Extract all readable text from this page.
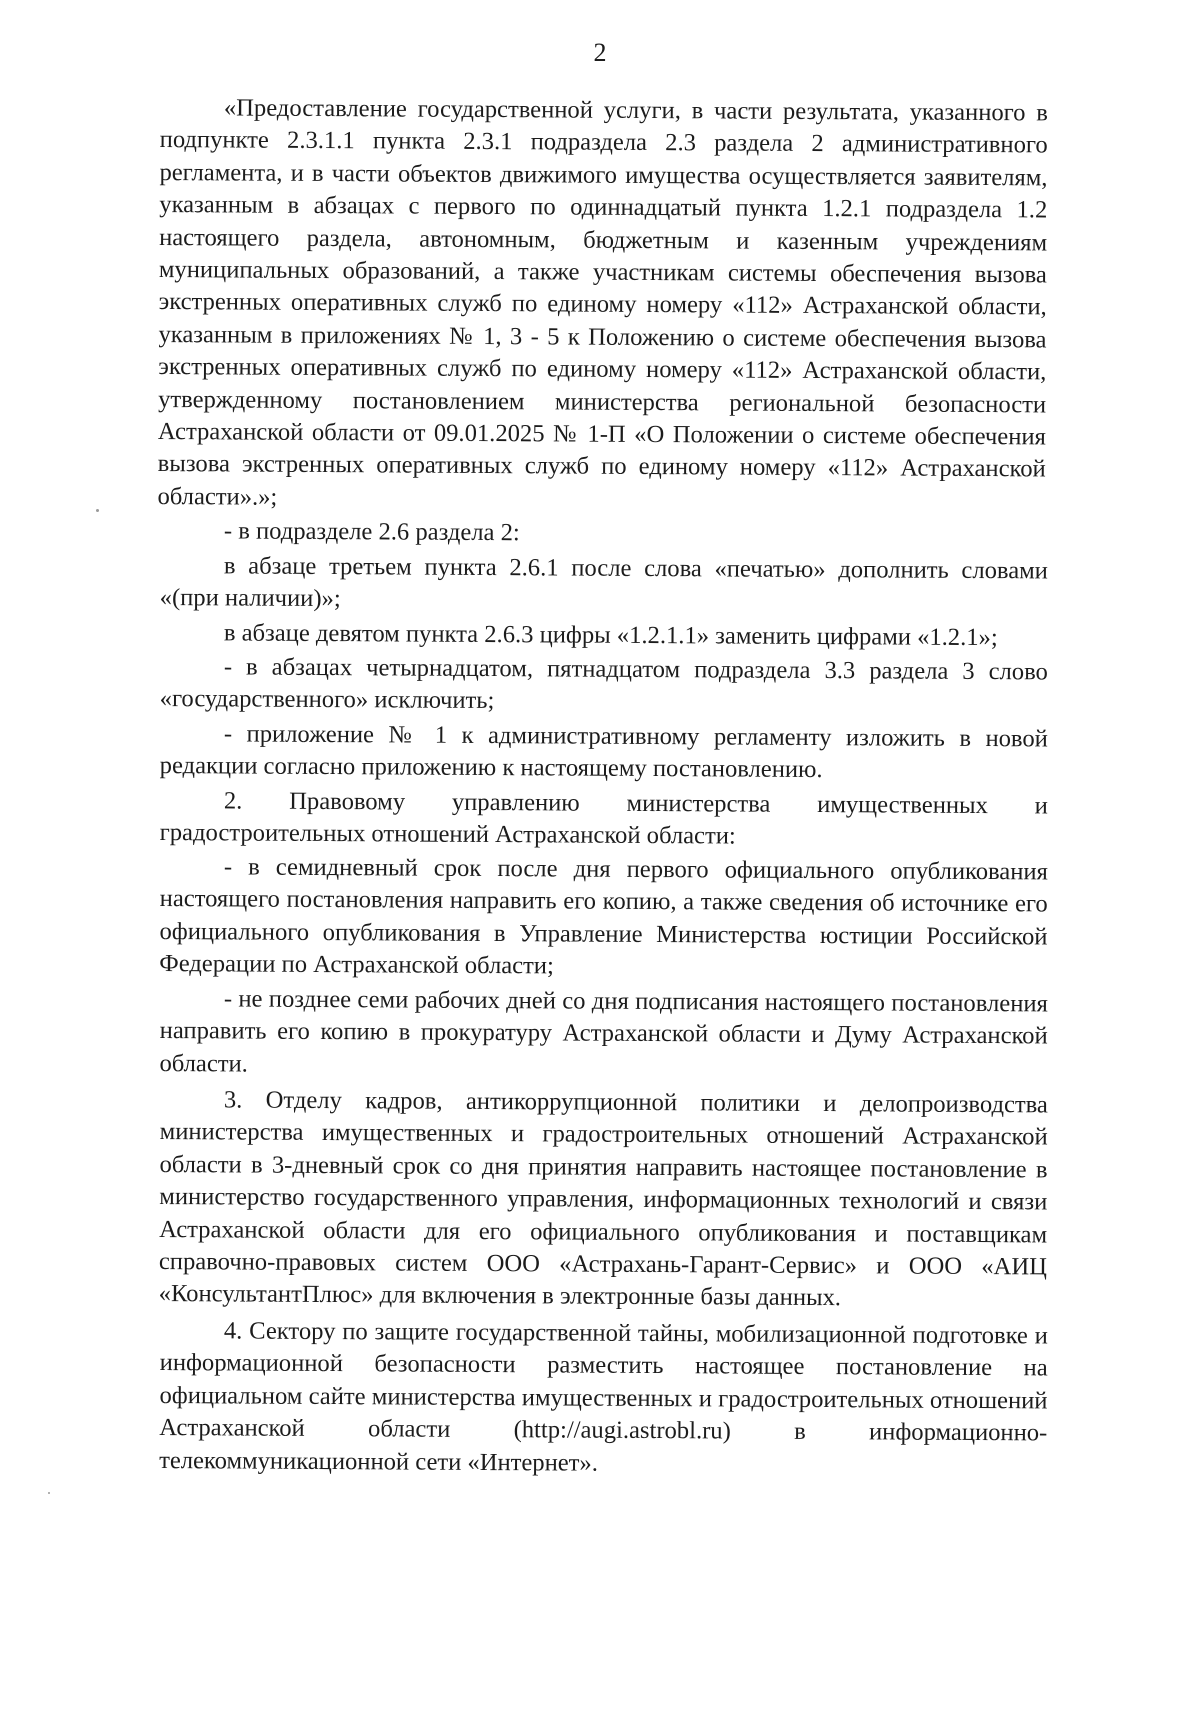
2

«Предоставление государственной услуги, в части результата, указанного в подпункте 2.3.1.1 пункта 2.3.1 подраздела 2.3 раздела 2 административного регламента, и в части объектов движимого имущества осуществляется заявителям, указанным в абзацах с первого по одиннадцатый пункта 1.2.1 подраздела 1.2 настоящего раздела, автономным, бюджетным и казенным учреждениям муниципальных образований, а также участникам системы обеспечения вызова экстренных оперативных служб по единому номеру «112» Астраханской области, указанным в приложениях № 1, 3 - 5 к Положению о системе обеспечения вызова экстренных оперативных служб по единому номеру «112» Астраханской области, утвержденному постановлением министерства региональной безопасности Астраханской области от 09.01.2025 № 1-П «О Положении о системе обеспечения вызова экстренных оперативных служб по единому номеру «112» Астраханской области».»;

- в подразделе 2.6 раздела 2:

в абзаце третьем пункта 2.6.1 после слова «печатью» дополнить словами «(при наличии)»;

в абзаце девятом пункта 2.6.3 цифры «1.2.1.1» заменить цифрами «1.2.1»;

- в абзацах четырнадцатом, пятнадцатом подраздела 3.3 раздела 3 слово «государственного» исключить;

- приложение № 1 к административному регламенту изложить в новой редакции согласно приложению к настоящему постановлению.

2. Правовому управлению министерства имущественных и градостроительных отношений Астраханской области:

- в семидневный срок после дня первого официального опубликования настоящего постановления направить его копию, а также сведения об источнике его официального опубликования в Управление Министерства юстиции Российской Федерации по Астраханской области;

- не позднее семи рабочих дней со дня подписания настоящего постановления направить его копию в прокуратуру Астраханской области и Думу Астраханской области.

3. Отделу кадров, антикоррупционной политики и делопроизводства министерства имущественных и градостроительных отношений Астраханской области в 3-дневный срок со дня принятия направить настоящее постановление в министерство государственного управления, информационных технологий и связи Астраханской области для его официального опубликования и поставщикам справочно-правовых систем ООО «Астрахань-Гарант-Сервис» и ООО «АИЦ «КонсультантПлюс» для включения в электронные базы данных.

4. Сектору по защите государственной тайны, мобилизационной подготовке и информационной безопасности разместить настоящее постановление на официальном сайте министерства имущественных и градостроительных отношений Астраханской области (http://augi.astrobl.ru) в информационно-телекоммуникационной сети «Интернет».
